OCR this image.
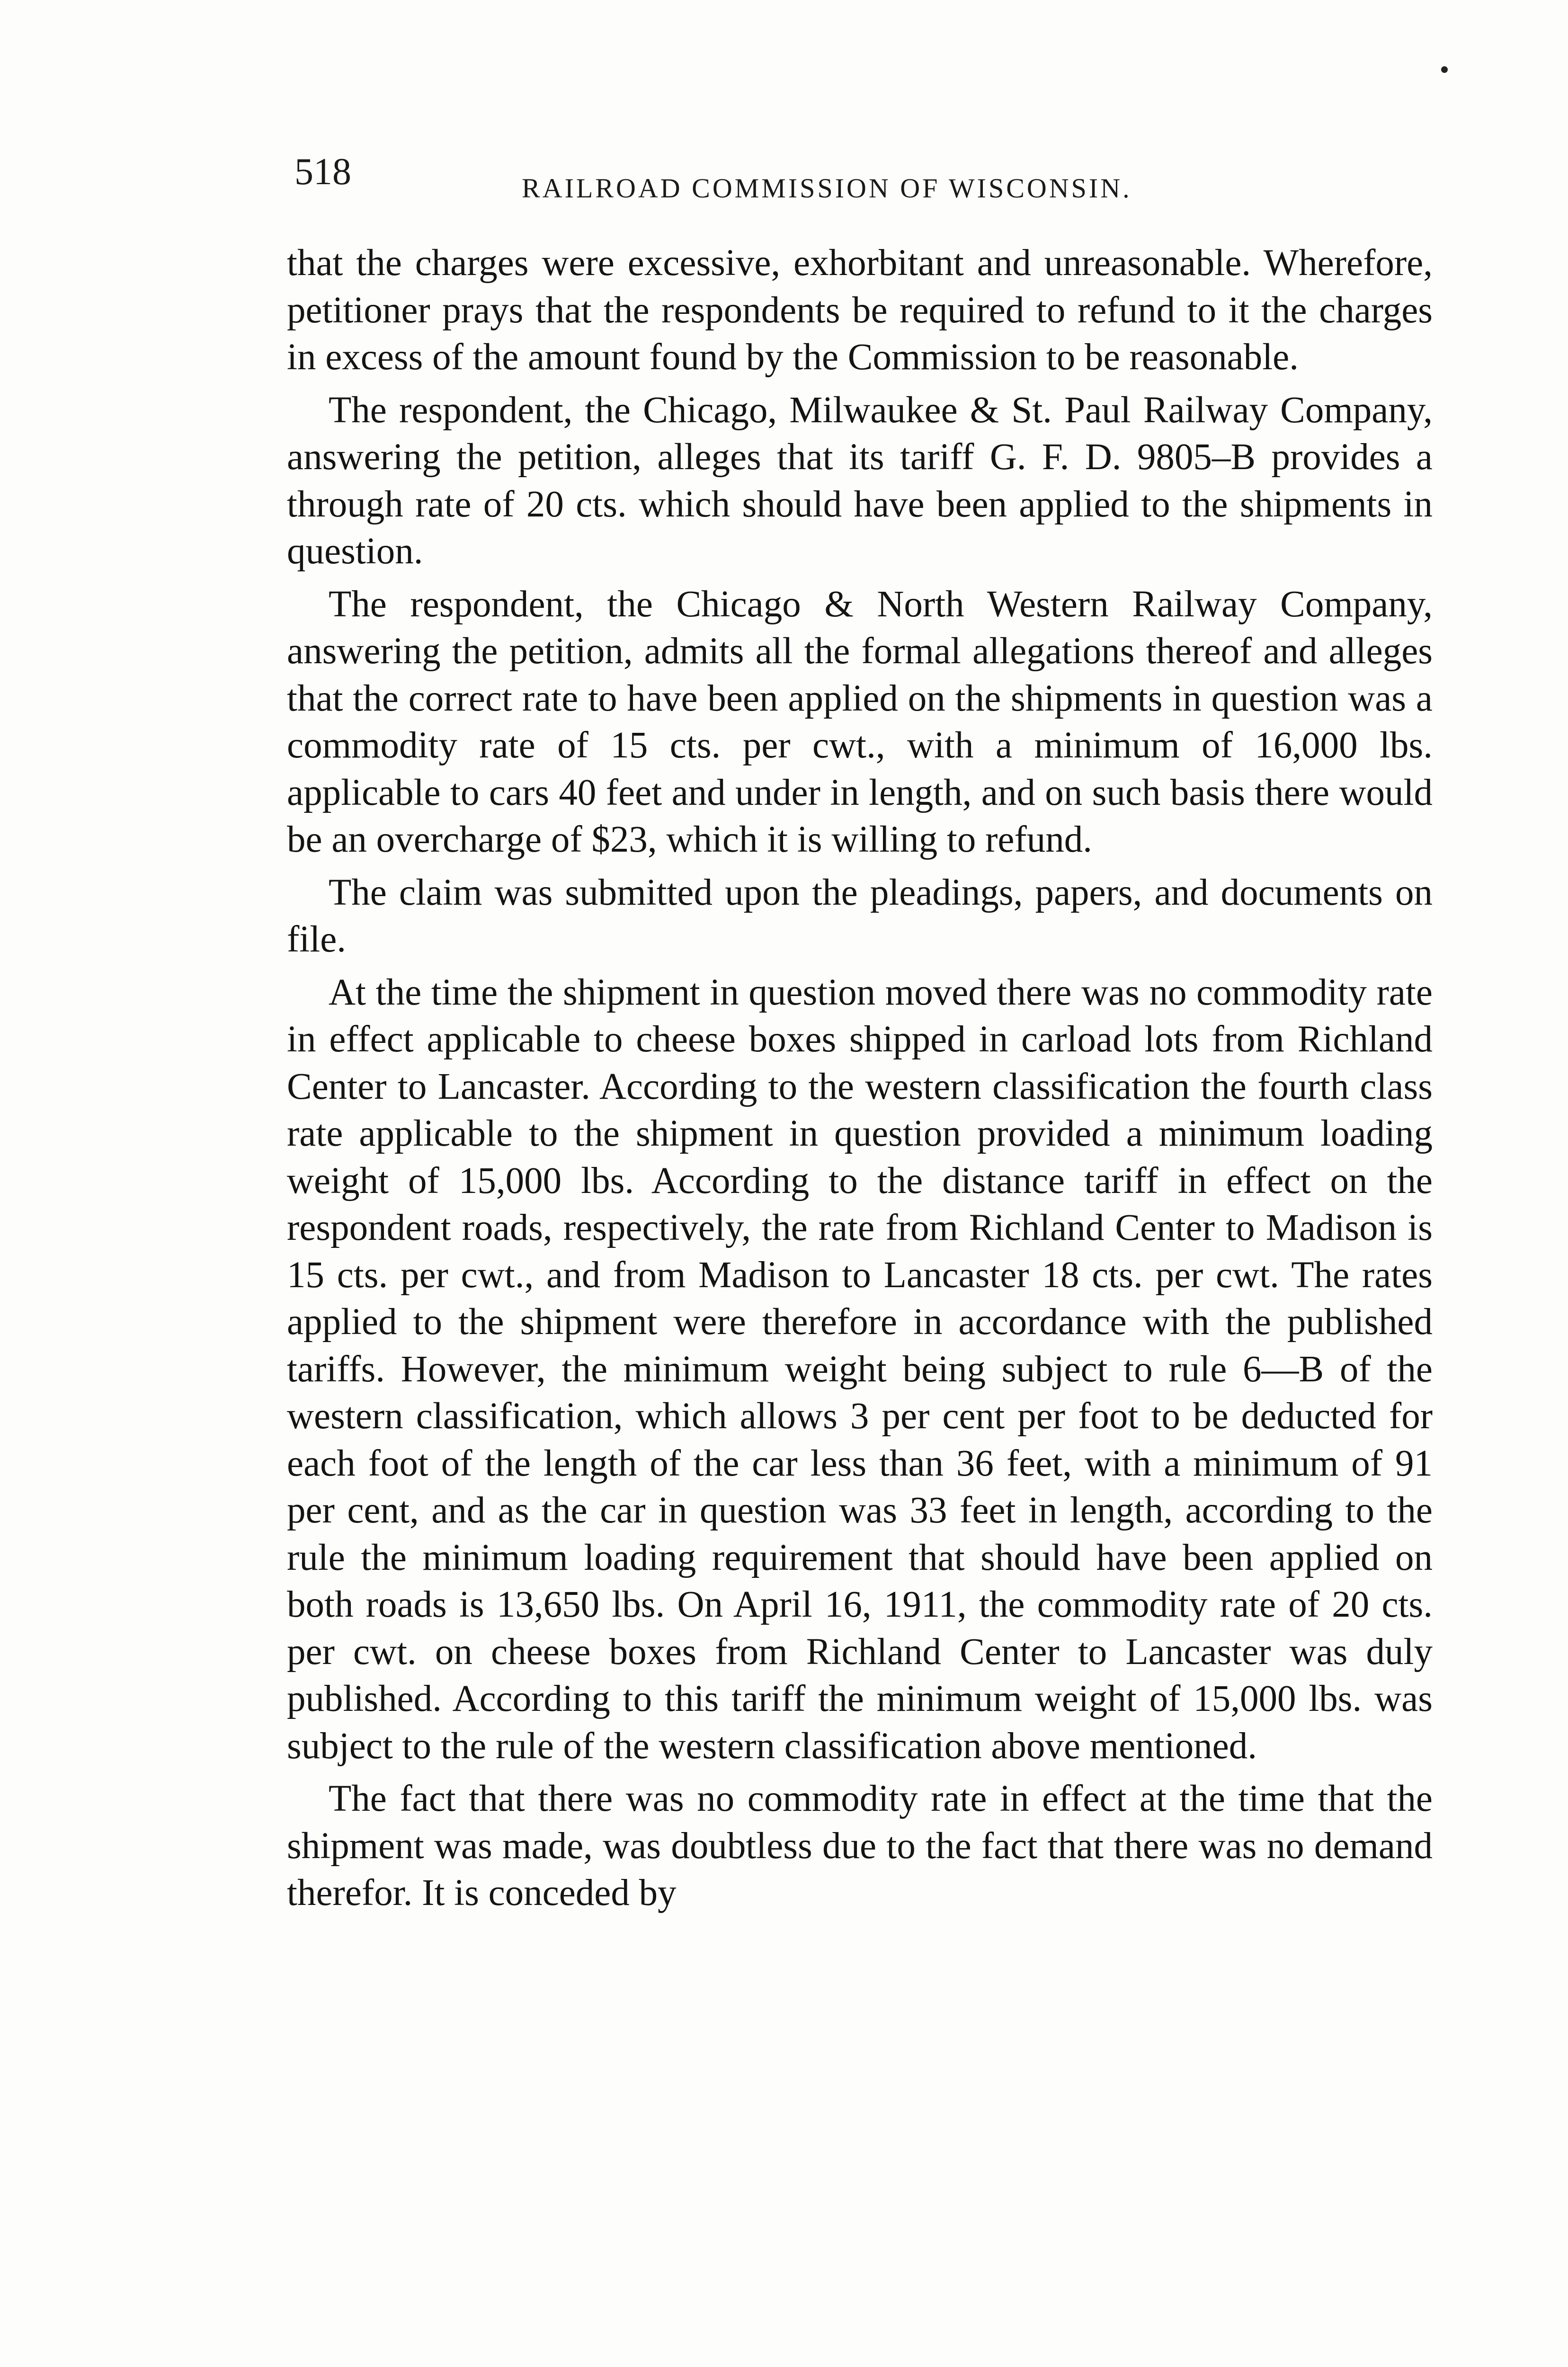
518	RAILROAD COMMISSION OF WISCONSIN.

that the charges were excessive, exhorbitant and unreasonable. Wherefore, petitioner prays that the respondents be required to refund to it the charges in excess of the amount found by the Commission to be reasonable.

The respondent, the Chicago, Milwaukee & St. Paul Railway Company, answering the petition, alleges that its tariff G. F. D. 9805–B provides a through rate of 20 cts. which should have been applied to the shipments in question.

The respondent, the Chicago & North Western Railway Company, answering the petition, admits all the formal allegations thereof and alleges that the correct rate to have been applied on the shipments in question was a commodity rate of 15 cts. per cwt., with a minimum of 16,000 lbs. applicable to cars 40 feet and under in length, and on such basis there would be an overcharge of $23, which it is willing to refund.

The claim was submitted upon the pleadings, papers, and documents on file.

At the time the shipment in question moved there was no commodity rate in effect applicable to cheese boxes shipped in carload lots from Richland Center to Lancaster. According to the western classification the fourth class rate applicable to the shipment in question provided a minimum loading weight of 15,000 lbs. According to the distance tariff in effect on the respondent roads, respectively, the rate from Richland Center to Madison is 15 cts. per cwt., and from Madison to Lancaster 18 cts. per cwt. The rates applied to the shipment were therefore in accordance with the published tariffs. However, the minimum weight being subject to rule 6—B of the western classification, which allows 3 per cent per foot to be deducted for each foot of the length of the car less than 36 feet, with a minimum of 91 per cent, and as the car in question was 33 feet in length, according to the rule the minimum loading requirement that should have been applied on both roads is 13,650 lbs. On April 16, 1911, the commodity rate of 20 cts. per cwt. on cheese boxes from Richland Center to Lancaster was duly published. According to this tariff the minimum weight of 15,000 lbs. was subject to the rule of the western classification above mentioned.

The fact that there was no commodity rate in effect at the time that the shipment was made, was doubtless due to the fact that there was no demand therefor. It is conceded by
